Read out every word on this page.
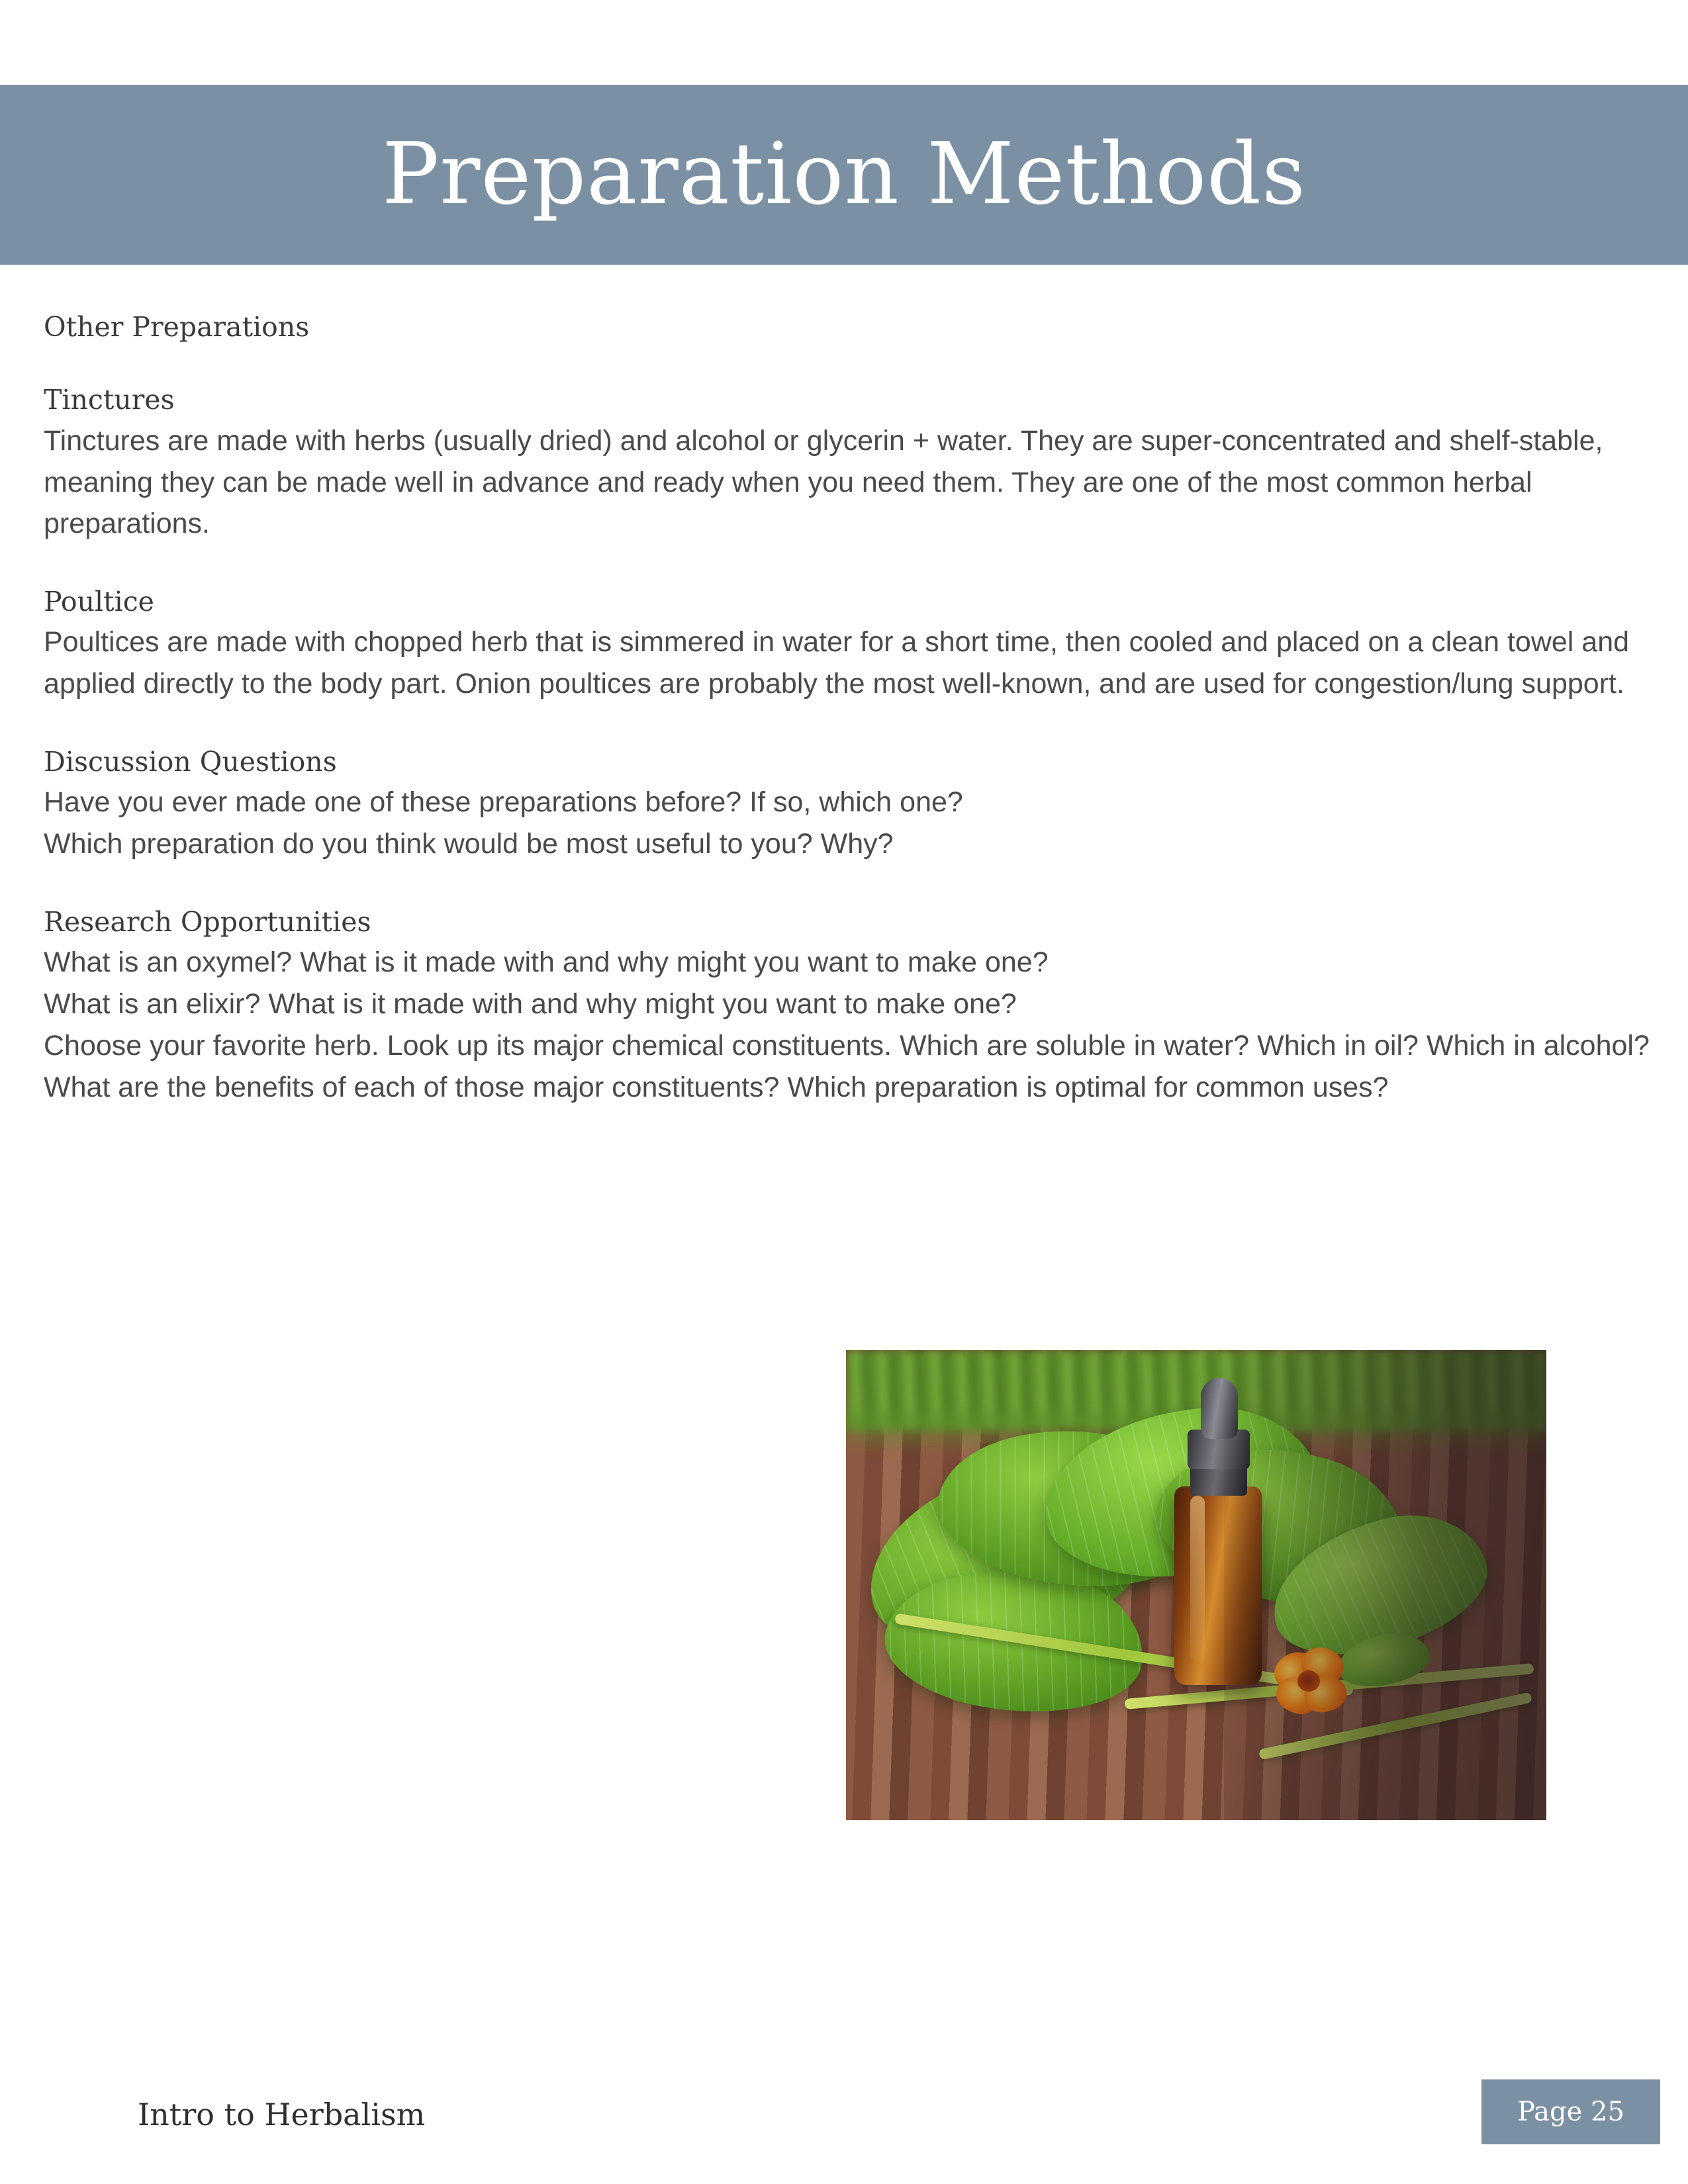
Preparation Methods
Other Preparations
Tinctures

Tinctures are made with herbs (usually dried) and alcohol or glycerin + water. They are super-concentrated and shelf-stable, meaning they can be made well in advance and ready when you need them. They are one of the most common herbal preparations.

Poultice

Poultices are made with chopped herb that is simmered in water for a short time, then cooled and placed on a clean towel and applied directly to the body part. Onion poultices are probably the most well-known, and are used for congestion/lung support.

Discussion Questions

Have you ever made one of these preparations before? If so, which one?

Which preparation do you think would be most useful to you? Why?

Research Opportunities

What is an oxymel? What is it made with and why might you want to make one?

What is an elixir? What is it made with and why might you want to make one?

Choose your favorite herb. Look up its major chemical constituents. Which are soluble in water? Which in oil? Which in alcohol? What are the benefits of each of those major constituents? Which preparation is optimal for common uses?

Intro to Herbalism	Page 25
